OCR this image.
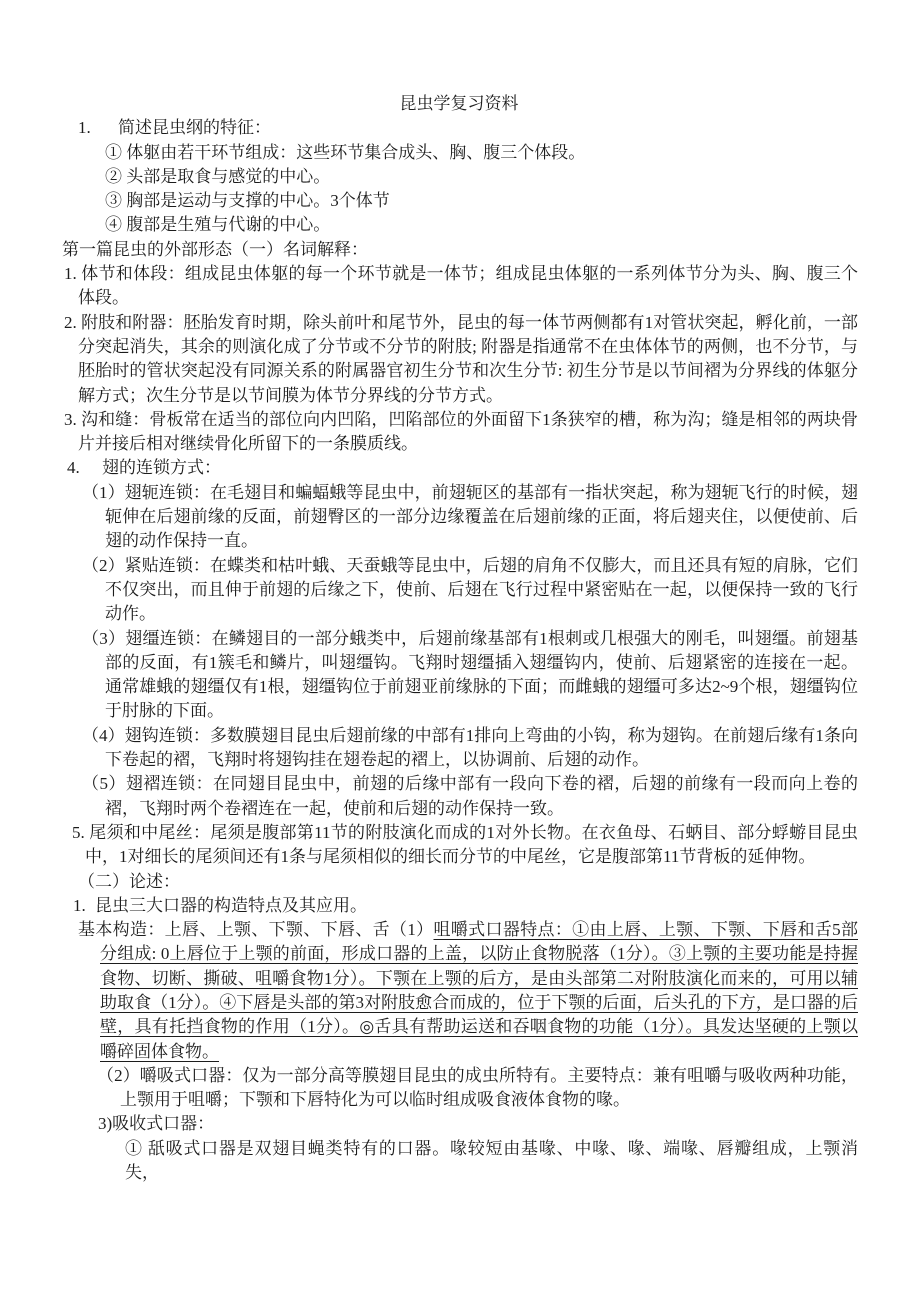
昆虫学复习资料

1. 简述昆虫纲的特征：

① 体躯由若干环节组成：这些环节集合成头、胸、腹三个体段。

② 头部是取食与感觉的中心。

③ 胸部是运动与支撑的中心。3个体节

④ 腹部是生殖与代谢的中心。

第一篇昆虫的外部形态（一）名词解释：

1. 体节和体段：组成昆虫体躯的每一个环节就是一体节；组成昆虫体躯的一系列体节分为头、胸、腹三个体段。

2. 附肢和附器：胚胎发育时期，除头前叶和尾节外，昆虫的每一体节两侧都有1对管状突起，孵化前，一部分突起消失，其余的则演化成了分节或不分节的附肢; 附器是指通常不在虫体体节的两侧，也不分节，与胚胎时的管状突起没有同源关系的附属器官初生分节和次生分节: 初生分节是以节间褶为分界线的体躯分解方式；次生分节是以节间膜为体节分界线的分节方式。

3. 沟和缝：骨板常在适当的部位向内凹陷，凹陷部位的外面留下1条狭窄的槽，称为沟；缝是相邻的两块骨片并接后相对继续骨化所留下的一条膜质线。

4. 翅的连锁方式：

（1）翅轭连锁：在毛翅目和蝙蝠蛾等昆虫中，前翅轭区的基部有一指状突起，称为翅轭飞行的时候，翅轭伸在后翅前缘的反面，前翅臀区的一部分边缘覆盖在后翅前缘的正面，将后翅夹住，以便使前、后翅的动作保持一直。

（2）紧贴连锁：在蝶类和枯叶蛾、天蚕蛾等昆虫中，后翅的肩角不仅膨大，而且还具有短的肩脉，它们不仅突出，而且伸于前翅的后缘之下，使前、后翅在飞行过程中紧密贴在一起，以便保持一致的飞行动作。

（3）翅缰连锁：在鳞翅目的一部分蛾类中，后翅前缘基部有1根刺或几根强大的刚毛，叫翅缰。前翅基部的反面，有1簇毛和鳞片，叫翅缰钩。飞翔时翅缰插入翅缰钩内，使前、后翅紧密的连接在一起。通常雄蛾的翅缰仅有1根，翅缰钩位于前翅亚前缘脉的下面；而雌蛾的翅缰可多达2~9个根，翅缰钩位于肘脉的下面。

（4）翅钩连锁：多数膜翅目昆虫后翅前缘的中部有1排向上弯曲的小钩，称为翅钩。在前翅后缘有1条向下卷起的褶，飞翔时将翅钩挂在翅卷起的褶上，以协调前、后翅的动作。

（5）翅褶连锁：在同翅目昆虫中，前翅的后缘中部有一段向下卷的褶，后翅的前缘有一段而向上卷的褶，飞翔时两个卷褶连在一起，使前和后翅的动作保持一致。

5. 尾须和中尾丝：尾须是腹部第11节的附肢演化而成的1对外长物。在衣鱼母、石蛃目、部分蜉蝣目昆虫中，1对细长的尾须间还有1条与尾须相似的细长而分节的中尾丝，它是腹部第11节背板的延伸物。

（二）论述：

1. 昆虫三大口器的构造特点及其应用。

基本构造：上唇、上颚、下颚、下唇、舌（1）咀嚼式口器特点：①由上唇、上颚、下颚、下唇和舌5部分组成: 0上唇位于上颚的前面，形成口器的上盖，以防止食物脱落（1分）。③上颚的主要功能是持握食物、切断、撕破、咀嚼食物1分）。下颚在上颚的后方，是由头部第二对附肢演化而来的，可用以辅助取食（1分）。④下唇是头部的第3对附肢愈合而成的，位于下颚的后面，后头孔的下方，是口器的后壁，具有托挡食物的作用（1分）。◎舌具有帮助运送和吞咽食物的功能（1分）。具发达坚硬的上颚以嚼碎固体食物。

（2）嚼吸式口器：仅为一部分高等膜翅目昆虫的成虫所特有。主要特点：兼有咀嚼与吸收两种功能，上颚用于咀嚼；下颚和下唇特化为可以临时组成吸食液体食物的喙。

3)吸收式口器：

① 舐吸式口器是双翅目蝇类特有的口器。喙较短由基喙、中喙、喙、端喙、唇瓣组成，上颚消失，
